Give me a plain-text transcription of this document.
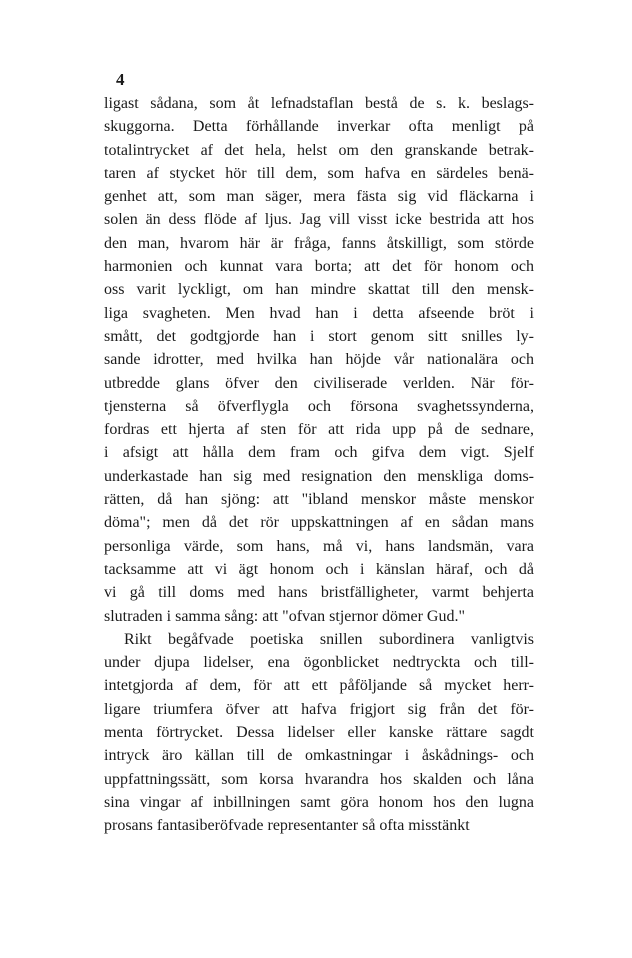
4
ligast sådana, som åt lefnadstaflan bestå de s. k. beslags-
skuggorna. Detta förhållande inverkar ofta menligt på
totalintrycket af det hela, helst om den granskande betrak-
taren af stycket hör till dem, som hafva en särdeles benä-
genhet att, som man säger, mera fästa sig vid fläckarna i
solen än dess flöde af ljus. Jag vill visst icke bestrida att hos
den man, hvarom här är fråga, fanns åtskilligt, som störde
harmonien och kunnat vara borta; att det för honom och
oss varit lyckligt, om han mindre skattat till den mensk-
liga svagheten. Men hvad han i detta afseende bröt i
smått, det godtgjorde han i stort genom sitt snilles ly-
sande idrotter, med hvilka han höjde vår nationalära och
utbredde glans öfver den civiliserade verlden. När för-
tjensterna så öfverflygla och försona svaghetssynderna,
fordras ett hjerta af sten för att rida upp på de sednare,
i afsigt att hålla dem fram och gifva dem vigt. Sjelf
underkastade han sig med resignation den menskliga doms-
rätten, då han sjöng: att "ibland menskor måste menskor
döma"; men då det rör uppskattningen af en sådan mans
personliga värde, som hans, må vi, hans landsmän, vara
tacksamme att vi ägt honom och i känslan häraf, och då
vi gå till doms med hans bristfälligheter, varmt behjerta
slutraden i samma sång: att "ofvan stjernor dömer Gud."
Rikt begåfvade poetiska snillen subordinera vanligtvis
under djupa lidelser, ena ögonblicket nedtryckta och till-
intetgjorda af dem, för att ett påföljande så mycket herr-
ligare triumfera öfver att hafva frigjort sig från det för-
menta förtrycket. Dessa lidelser eller kanske rättare sagdt
intryck äro källan till de omkastningar i åskådnings- och
uppfattningssätt, som korsa hvarandra hos skalden och låna
sina vingar af inbillningen samt göra honom hos den lugna
prosans fantasiberöfvade representanter så ofta misstänkt
